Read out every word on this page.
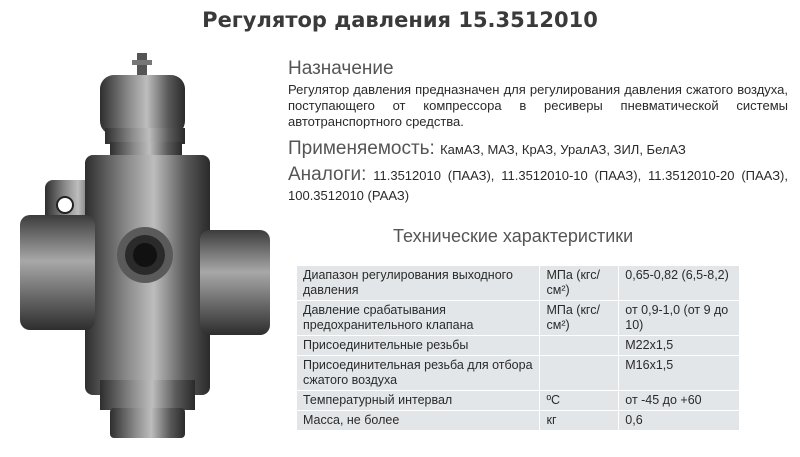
Регулятор давления 15.3512010
Назначение
Регулятор давления предназначен для регулирования давления сжатого воздуха, поступающего от компрессора в ресиверы пневматической системы автотранспортного средства.
Применяемость: КамАЗ, МАЗ, КрАЗ, УралАЗ, ЗИЛ, БелАЗ
Аналоги: 11.3512010 (ПААЗ), 11.3512010-10 (ПААЗ), 11.3512010-20 (ПААЗ), 100.3512010 (РААЗ)
Технические характеристики
Диапазон регулирования выходного давления	МПа (кгс/см²)	0,65-0,82 (6,5-8,2)
Давление срабатывания предохранительного клапана	МПа (кгс/см²)	от 0,9-1,0 (от 9 до 10)
Присоединительные резьбы		M22x1,5
Присоединительная резьба для отбора сжатого воздуха		M16x1,5
Температурный интервал	ºC	от -45 до +60
Масса, не более	кг	0,6
